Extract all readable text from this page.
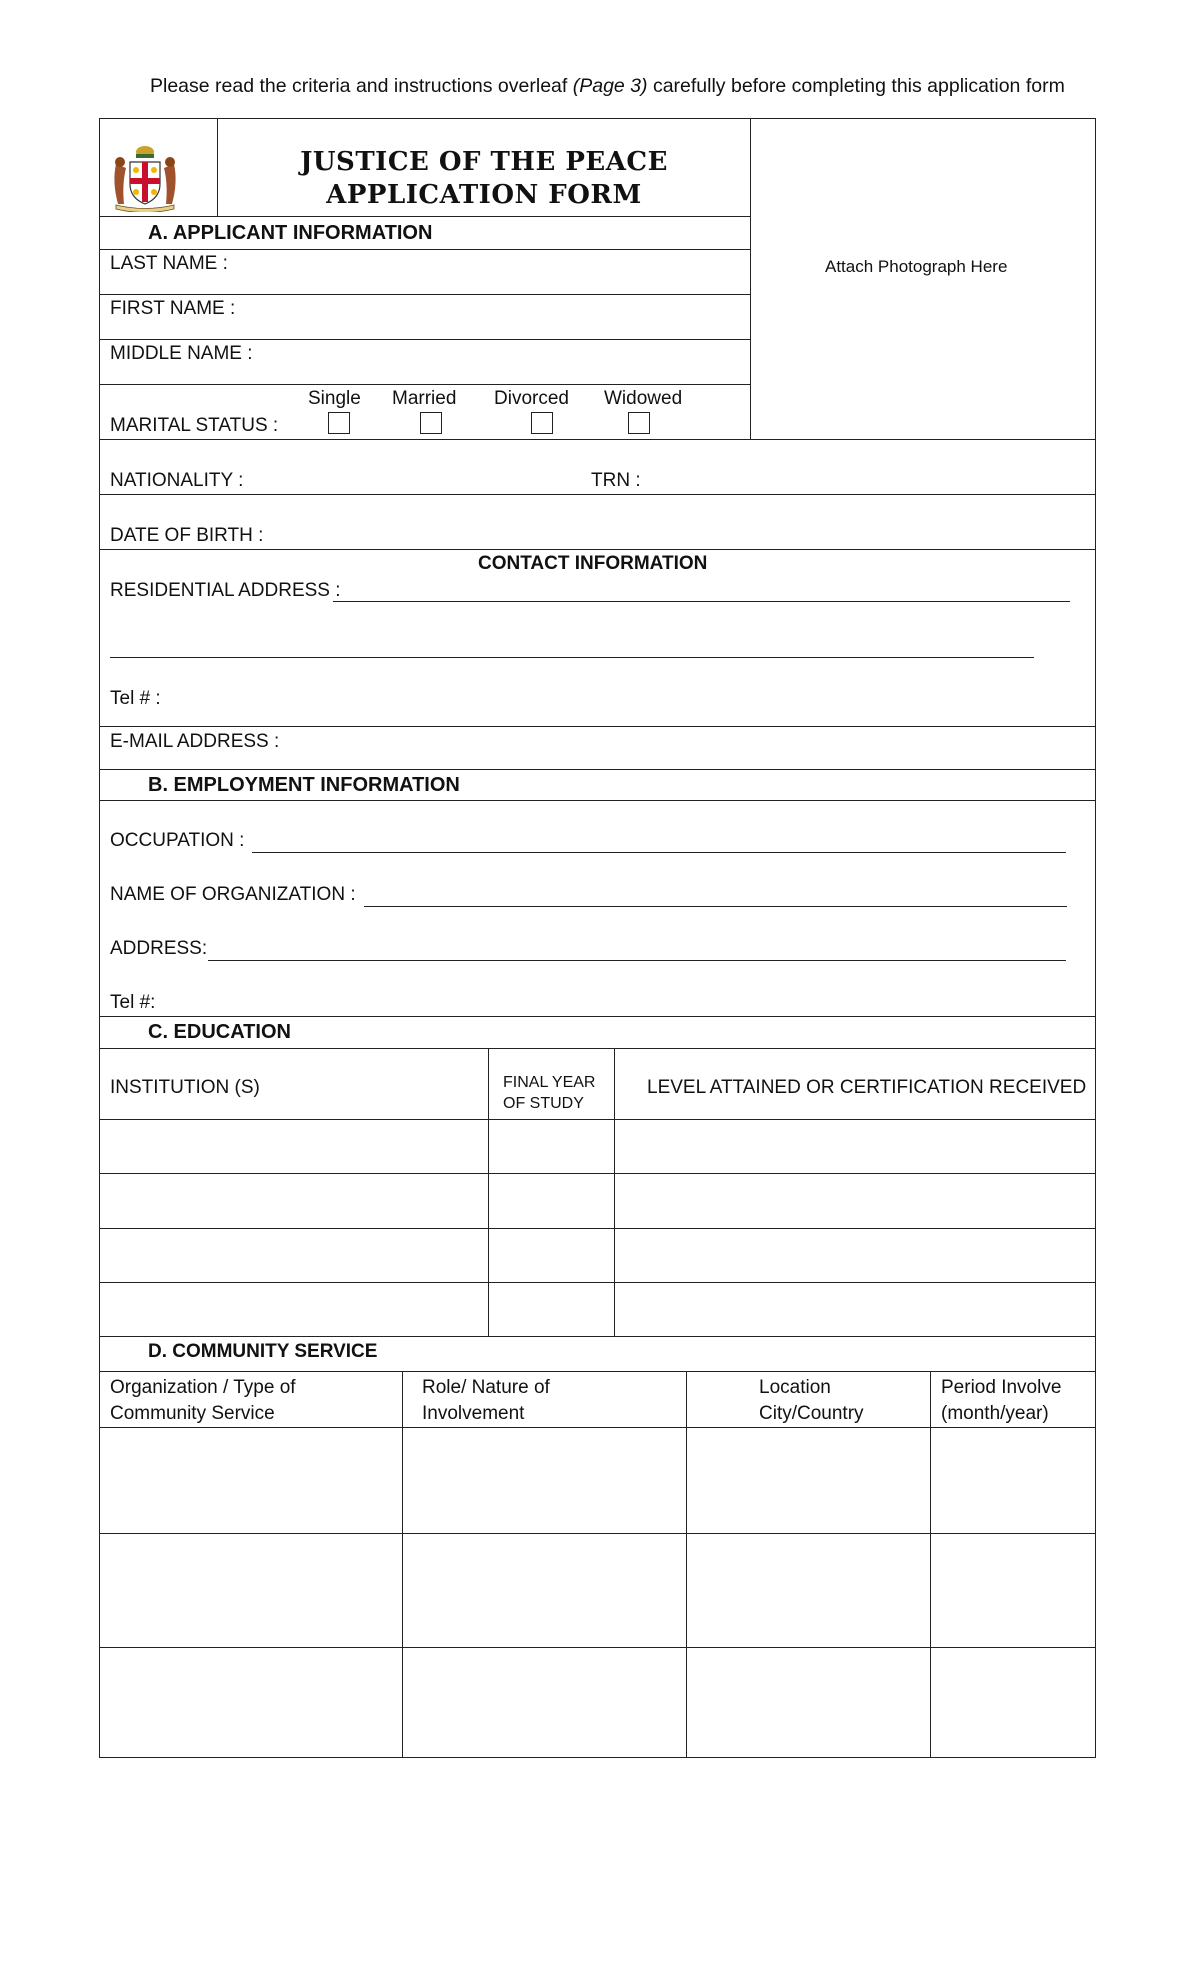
Please read the criteria and instructions overleaf (Page 3) carefully before completing this application form
JUSTICE OF THE PEACE
APPLICATION FORM
Attach Photograph Here
A. APPLICANT INFORMATION
LAST NAME :
FIRST NAME :
MIDDLE NAME :
MARITAL STATUS :
Single Married Divorced Widowed
NATIONALITY :	TRN :
DATE OF BIRTH :
CONTACT INFORMATION
RESIDENTIAL ADDRESS :
Tel # :
E-MAIL ADDRESS :
B. EMPLOYMENT INFORMATION
OCCUPATION :
NAME OF ORGANIZATION :
ADDRESS:
Tel #:
C. EDUCATION
INSTITUTION (S)	FINAL YEAR
OF STUDY
LEVEL ATTAINED OR CERTIFICATION RECEIVED
D. COMMUNITY SERVICE
Organization / Type of
Community Service
Role/ Nature of
Involvement
Location
City/Country
Period Involve
(month/year)
